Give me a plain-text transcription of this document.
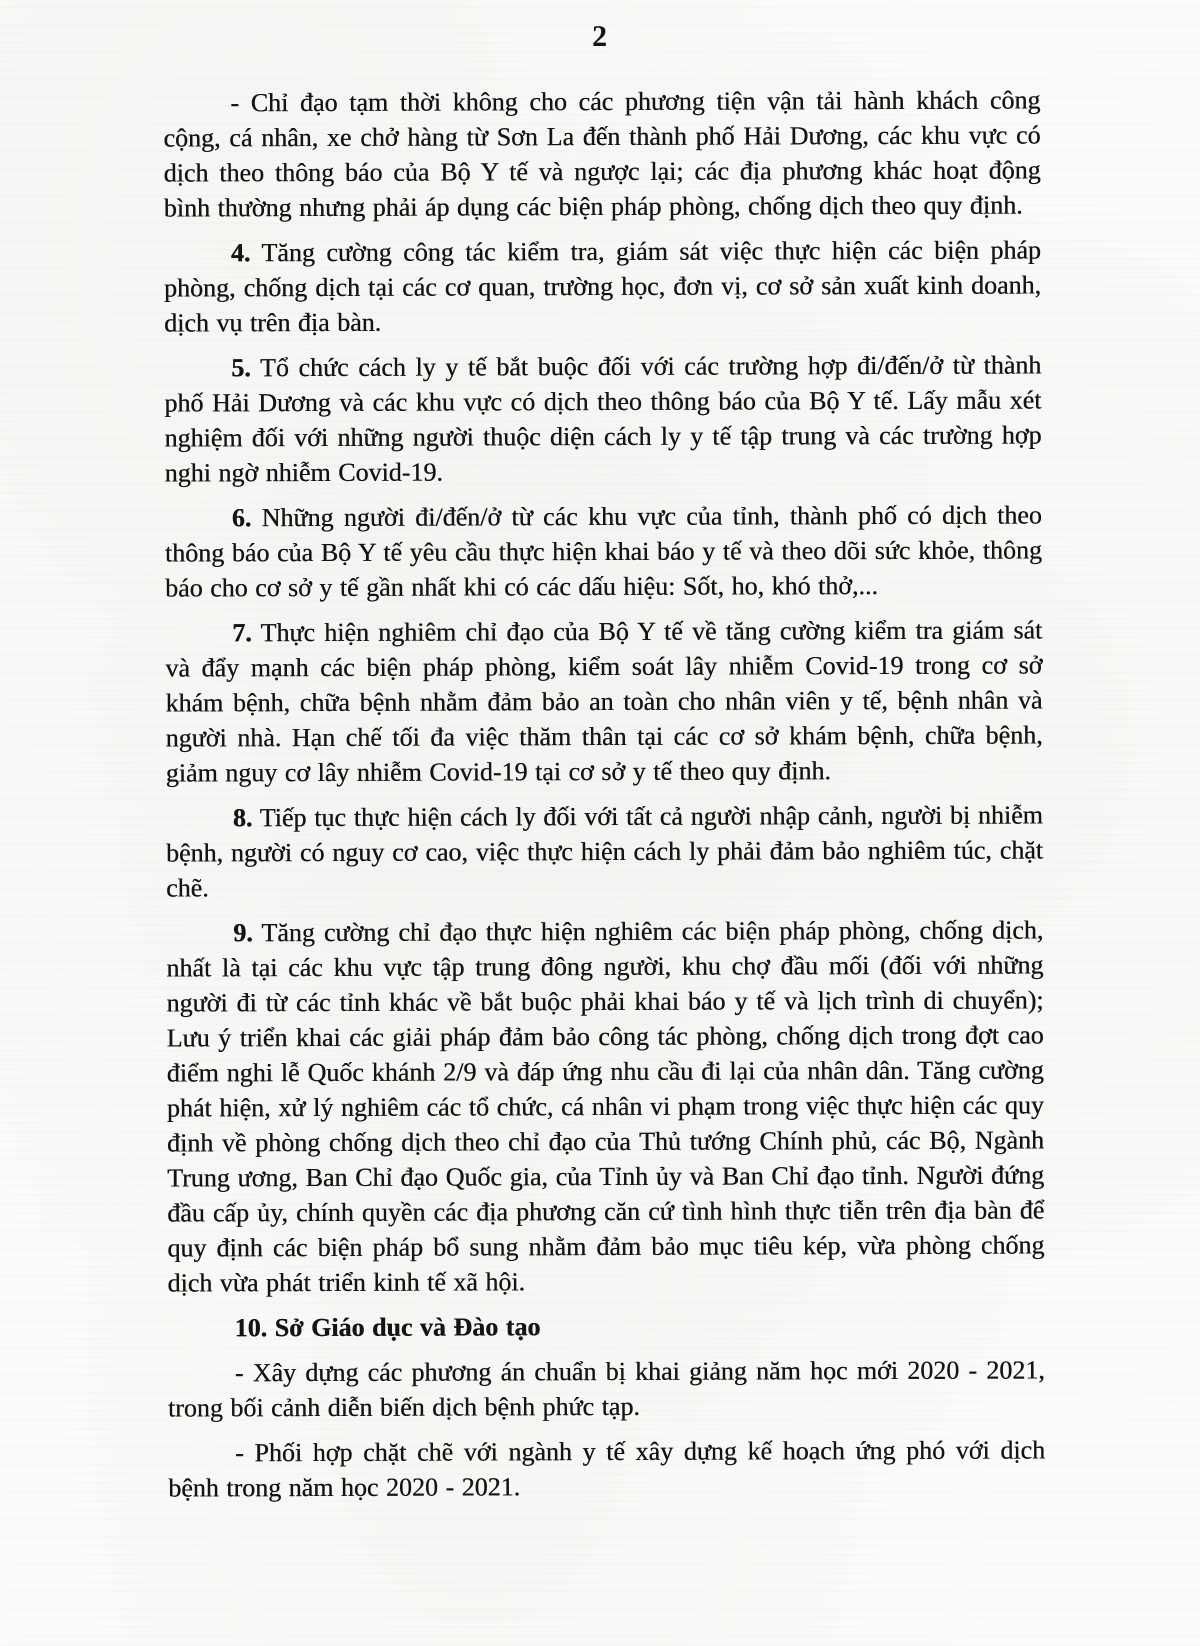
2

- Chỉ đạo tạm thời không cho các phương tiện vận tải hành khách công cộng, cá nhân, xe chở hàng từ Sơn La đến thành phố Hải Dương, các khu vực có dịch theo thông báo của Bộ Y tế và ngược lại; các địa phương khác hoạt động bình thường nhưng phải áp dụng các biện pháp phòng, chống dịch theo quy định.

4. Tăng cường công tác kiểm tra, giám sát việc thực hiện các biện pháp phòng, chống dịch tại các cơ quan, trường học, đơn vị, cơ sở sản xuất kinh doanh, dịch vụ trên địa bàn.

5. Tổ chức cách ly y tế bắt buộc đối với các trường hợp đi/đến/ở từ thành phố Hải Dương và các khu vực có dịch theo thông báo của Bộ Y tế. Lấy mẫu xét nghiệm đối với những người thuộc diện cách ly y tế tập trung và các trường hợp nghi ngờ nhiễm Covid-19.

6. Những người đi/đến/ở từ các khu vực của tỉnh, thành phố có dịch theo thông báo của Bộ Y tế yêu cầu thực hiện khai báo y tế và theo dõi sức khỏe, thông báo cho cơ sở y tế gần nhất khi có các dấu hiệu: Sốt, ho, khó thở,...

7. Thực hiện nghiêm chỉ đạo của Bộ Y tế về tăng cường kiểm tra giám sát và đẩy mạnh các biện pháp phòng, kiểm soát lây nhiễm Covid-19 trong cơ sở khám bệnh, chữa bệnh nhằm đảm bảo an toàn cho nhân viên y tế, bệnh nhân và người nhà. Hạn chế tối đa việc thăm thân tại các cơ sở khám bệnh, chữa bệnh, giảm nguy cơ lây nhiễm Covid-19 tại cơ sở y tế theo quy định.

8. Tiếp tục thực hiện cách ly đối với tất cả người nhập cảnh, người bị nhiễm bệnh, người có nguy cơ cao, việc thực hiện cách ly phải đảm bảo nghiêm túc, chặt chẽ.

9. Tăng cường chỉ đạo thực hiện nghiêm các biện pháp phòng, chống dịch, nhất là tại các khu vực tập trung đông người, khu chợ đầu mối (đối với những người đi từ các tỉnh khác về bắt buộc phải khai báo y tế và lịch trình di chuyển); Lưu ý triển khai các giải pháp đảm bảo công tác phòng, chống dịch trong đợt cao điểm nghi lễ Quốc khánh 2/9 và đáp ứng nhu cầu đi lại của nhân dân. Tăng cường phát hiện, xử lý nghiêm các tổ chức, cá nhân vi phạm trong việc thực hiện các quy định về phòng chống dịch theo chỉ đạo của Thủ tướng Chính phủ, các Bộ, Ngành Trung ương, Ban Chỉ đạo Quốc gia, của Tỉnh ủy và Ban Chỉ đạo tỉnh. Người đứng đầu cấp ủy, chính quyền các địa phương căn cứ tình hình thực tiễn trên địa bàn để quy định các biện pháp bổ sung nhằm đảm bảo mục tiêu kép, vừa phòng chống dịch vừa phát triển kinh tế xã hội.

10. Sở Giáo dục và Đào tạo

- Xây dựng các phương án chuẩn bị khai giảng năm học mới 2020 - 2021, trong bối cảnh diễn biến dịch bệnh phức tạp.

- Phối hợp chặt chẽ với ngành y tế xây dựng kế hoạch ứng phó với dịch bệnh trong năm học 2020 - 2021.
